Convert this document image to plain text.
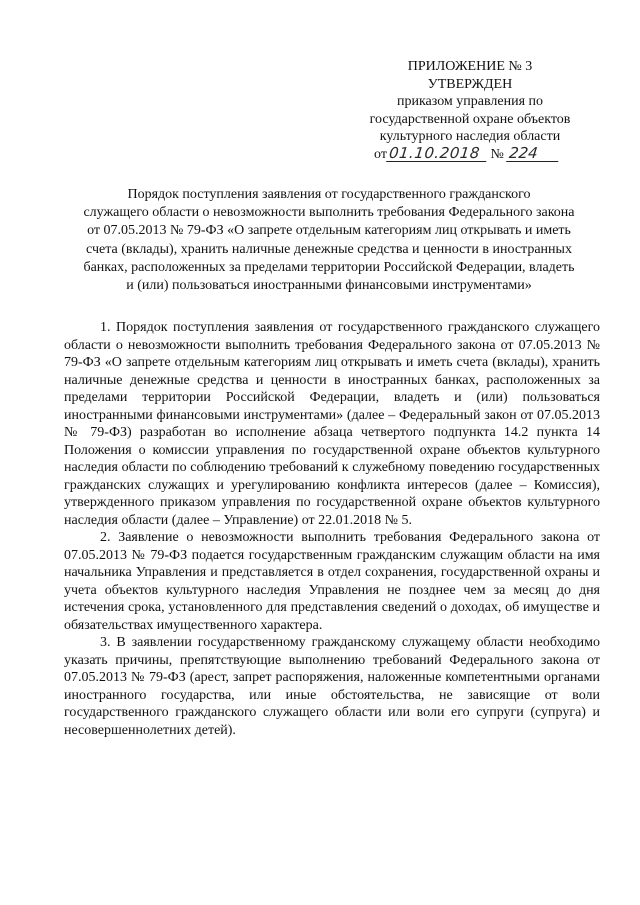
ПРИЛОЖЕНИЕ № 3
УТВЕРЖДЕН
приказом управления по
государственной охране объектов
культурного наследия области
от01.10.2018 № 224
Порядок поступления заявления от государственного гражданского
служащего области о невозможности выполнить требования Федерального закона
от 07.05.2013 № 79-ФЗ «О запрете отдельным категориям лиц открывать и иметь
счета (вклады), хранить наличные денежные средства и ценности в иностранных
банках, расположенных за пределами территории Российской Федерации, владеть
и (или) пользоваться иностранными финансовыми инструментами»

1. Порядок поступления заявления от государственного гражданского служащего области о невозможности выполнить требования Федерального закона от 07.05.2013 № 79-ФЗ «О запрете отдельным категориям лиц открывать и иметь счета (вклады), хранить наличные денежные средства и ценности в иностранных банках, расположенных за пределами территории Российской Федерации, владеть и (или) пользоваться иностранными финансовыми инструментами» (далее – Федеральный закон от 07.05.2013 № 79-ФЗ) разработан во исполнение абзаца четвертого подпункта 14.2 пункта 14 Положения о комиссии управления по государственной охране объектов культурного наследия области по соблюдению требований к служебному поведению государственных гражданских служащих и урегулированию конфликта интересов (далее – Комиссия), утвержденного приказом управления по государственной охране объектов культурного наследия области (далее – Управление) от 22.01.2018 № 5.

2. Заявление о невозможности выполнить требования Федерального закона от 07.05.2013 № 79-ФЗ подается государственным гражданским служащим области на имя начальника Управления и представляется в отдел сохранения, государственной охраны и учета объектов культурного наследия Управления не позднее чем за месяц до дня истечения срока, установленного для представления сведений о доходах, об имуществе и обязательствах имущественного характера.

3. В заявлении государственному гражданскому служащему области необходимо указать причины, препятствующие выполнению требований Федерального закона от 07.05.2013 № 79-ФЗ (арест, запрет распоряжения, наложенные компетентными органами иностранного государства, или иные обстоятельства, не зависящие от воли государственного гражданского служащего области или воли его супруги (супруга) и несовершеннолетних детей).
